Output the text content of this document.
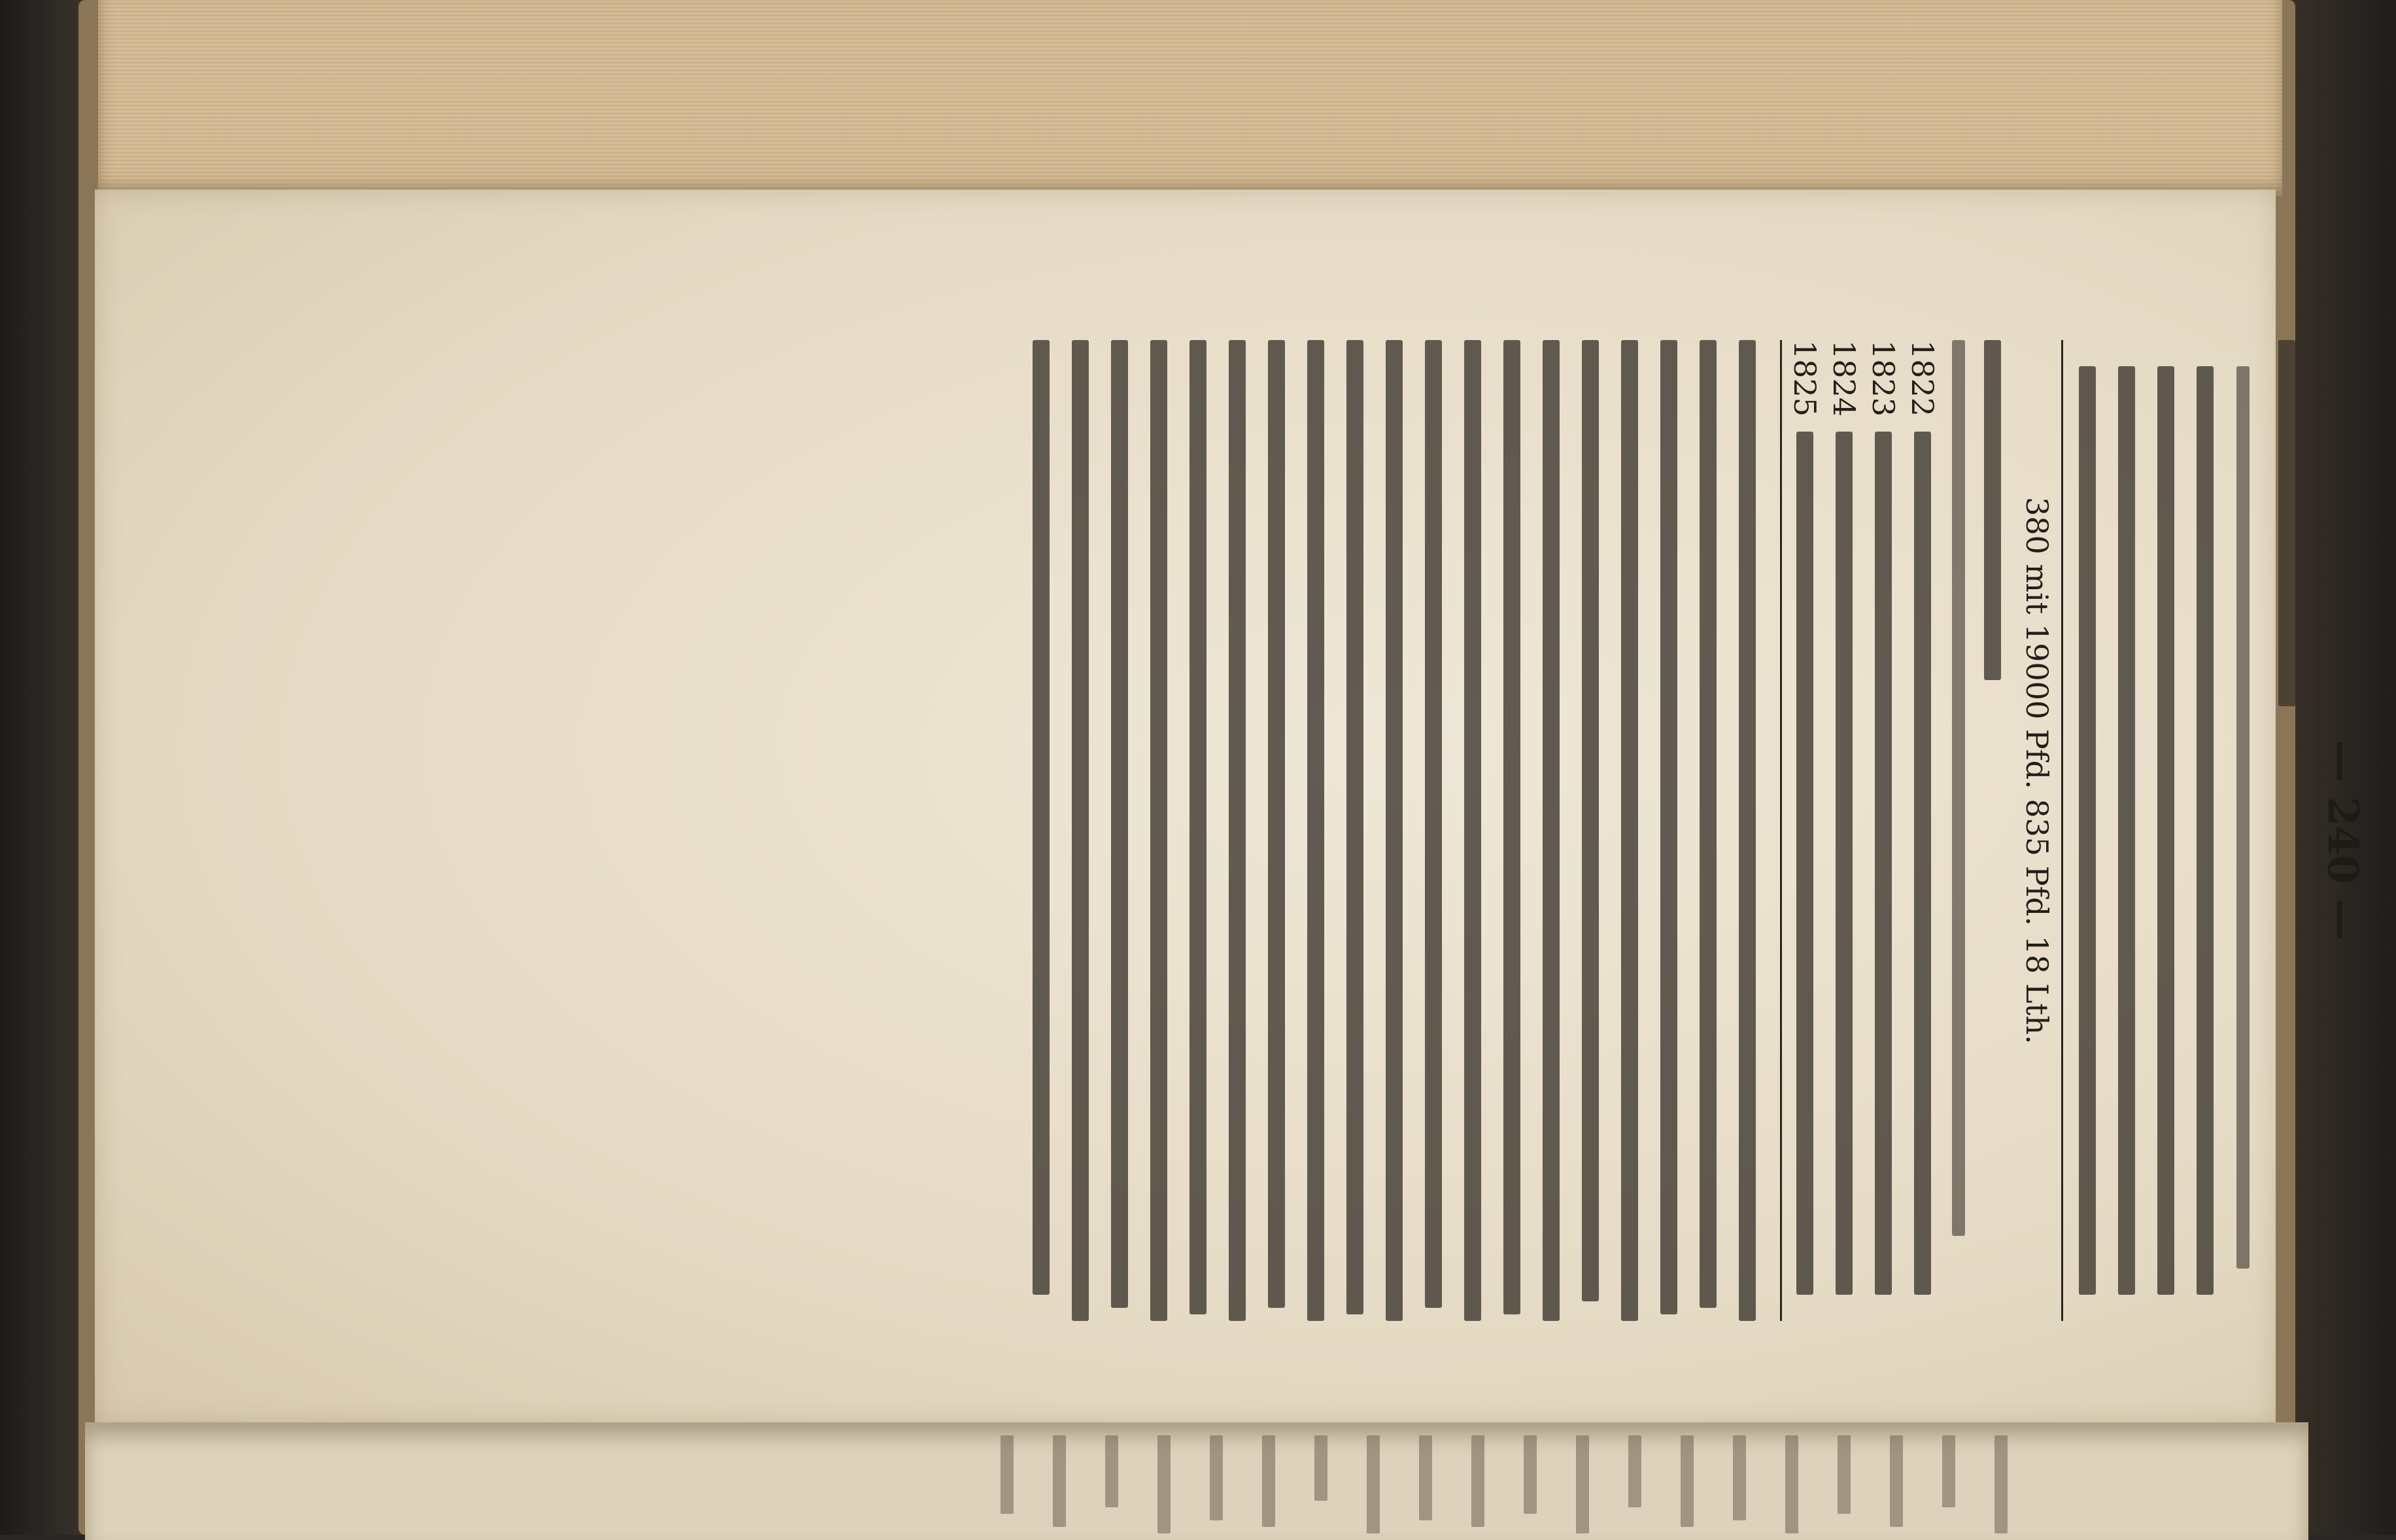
— 240 —
380 mit 19000 Pfd. 835 Pfd. 18 Lth.
1822
1823
1824
1825
